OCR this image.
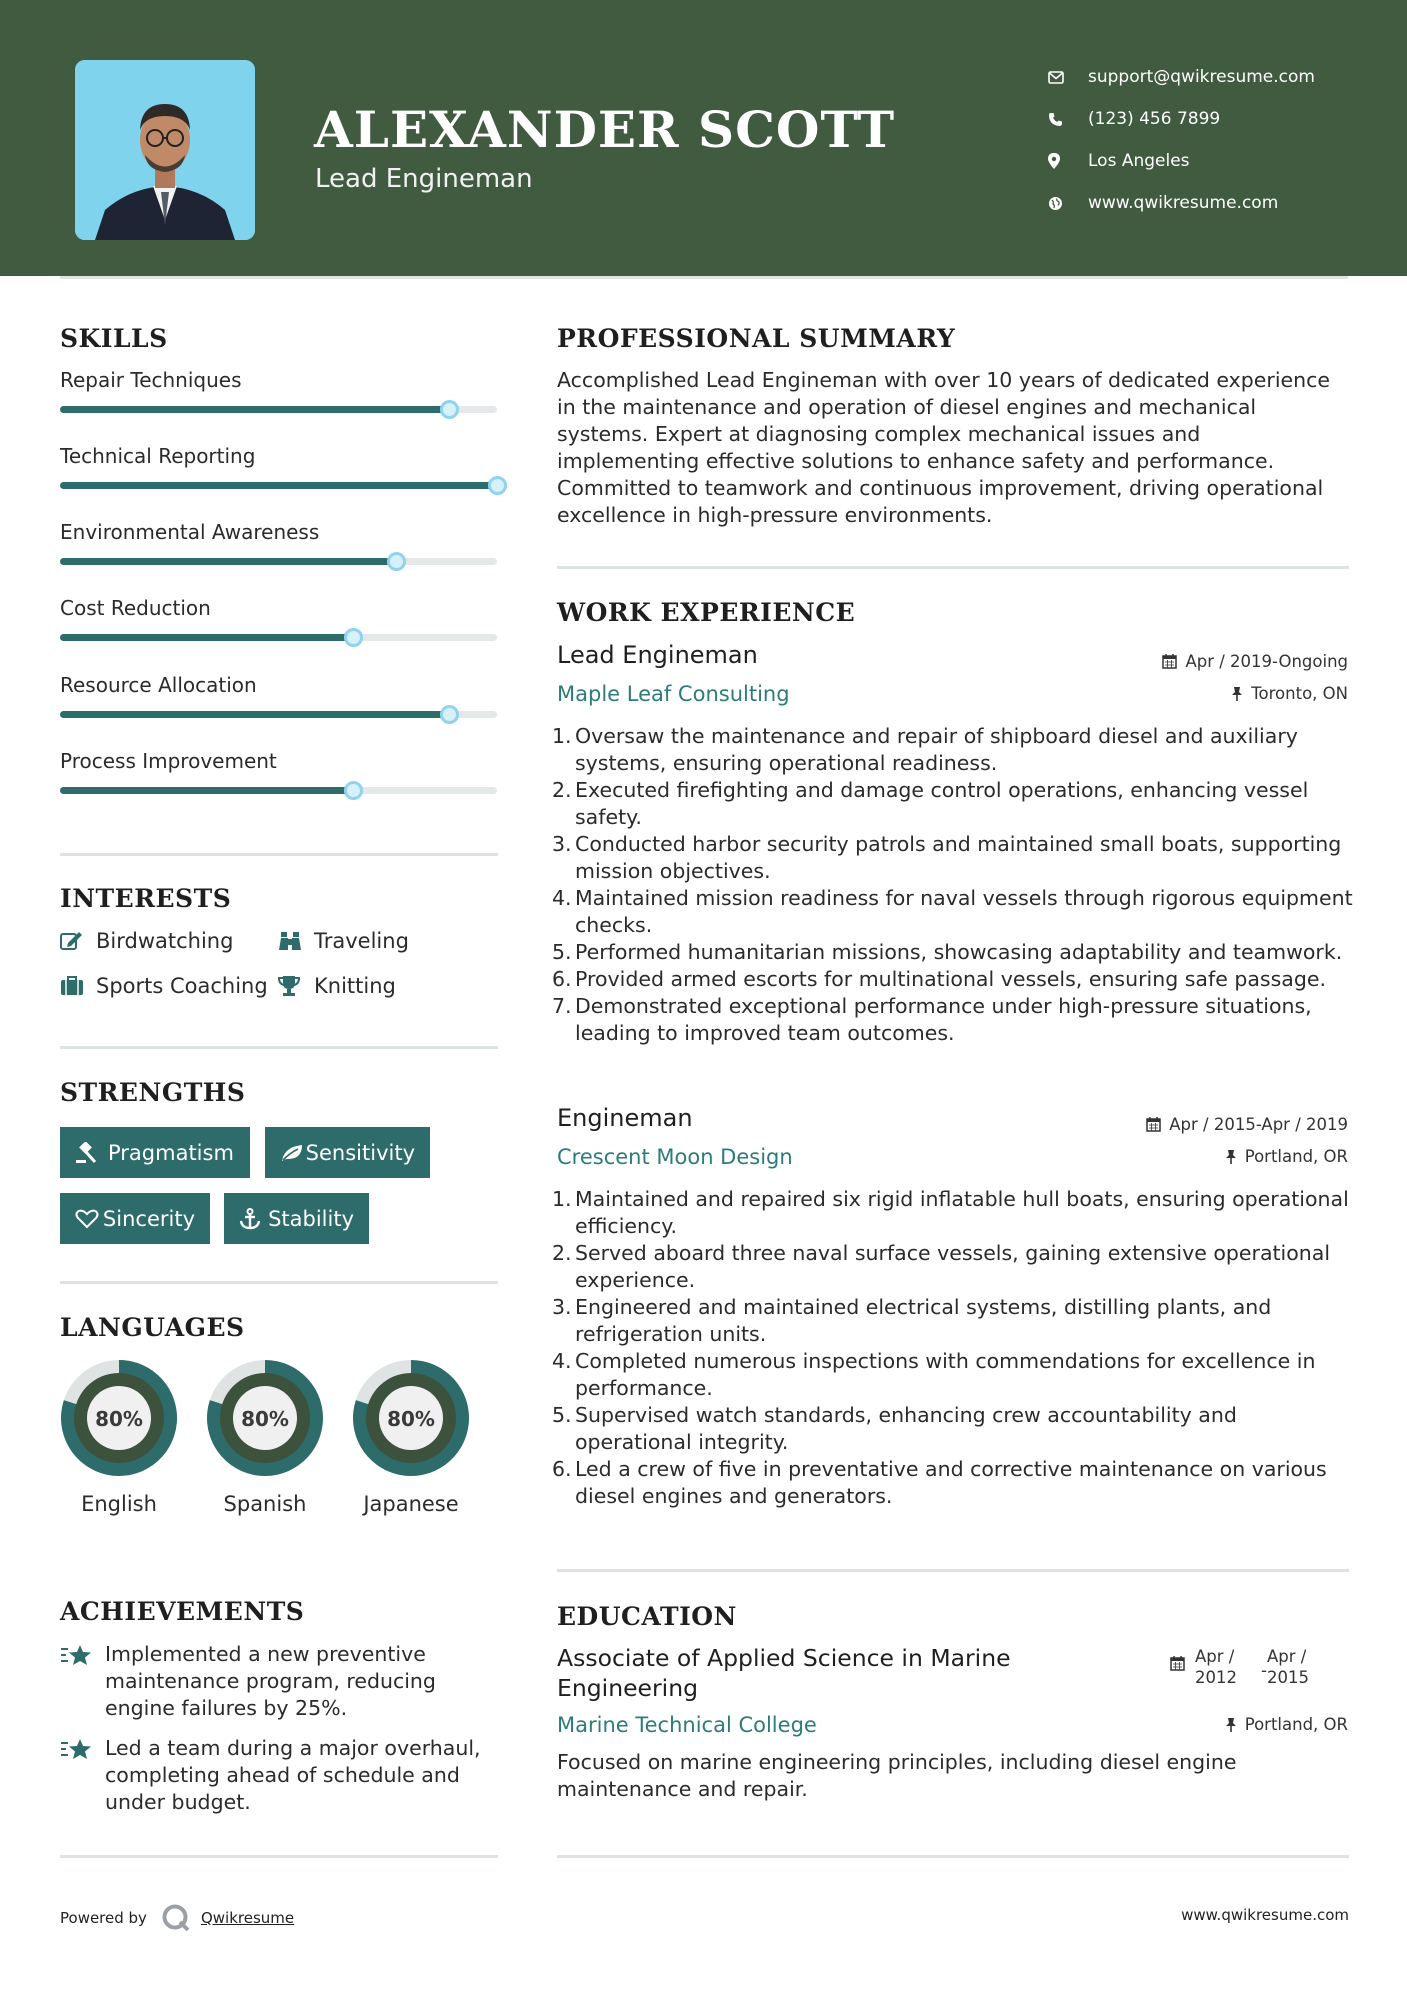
ALEXANDER SCOTT
Lead Engineman
support@qwikresume.com
(123) 456 7899
Los Angeles
www.qwikresume.com
SKILLS
Repair Techniques
Technical Reporting
Environmental Awareness
Cost Reduction
Resource Allocation
Process Improvement
INTERESTS
Birdwatching	Traveling
Sports Coaching Knitting
STRENGTHS
Pragmatism	Sensitivity
Sincerity	Stability
LANGUAGES
80%
English
80%
Spanish
80%
Japanese
ACHIEVEMENTS
Implemented a new preventive maintenance program, reducing engine failures by 25%.
Led a team during a major overhaul, completing ahead of schedule and under budget.
PROFESSIONAL SUMMARY
Accomplished Lead Engineman with over 10 years of dedicated experience in the maintenance and operation of diesel engines and mechanical systems. Expert at diagnosing complex mechanical issues and implementing effective solutions to enhance safety and performance. Committed to teamwork and continuous improvement, driving operational excellence in high-pressure environments.
WORK EXPERIENCE
Lead Engineman	Apr / 2019-Ongoing
Maple Leaf Consulting	Toronto, ON
1. Oversaw the maintenance and repair of shipboard diesel and auxiliary systems, ensuring operational readiness.
2. Executed firefighting and damage control operations, enhancing vessel safety.
3. Conducted harbor security patrols and maintained small boats, supporting mission objectives.
4. Maintained mission readiness for naval vessels through rigorous equipment checks.
5. Performed humanitarian missions, showcasing adaptability and teamwork.
6. Provided armed escorts for multinational vessels, ensuring safe passage.
7. Demonstrated exceptional performance under high-pressure situations, leading to improved team outcomes.
Engineman	Apr / 2015-Apr / 2019
Crescent Moon Design	Portland, OR
1. Maintained and repaired six rigid inflatable hull boats, ensuring operational efficiency.
2. Served aboard three naval surface vessels, gaining extensive operational experience.
3. Engineered and maintained electrical systems, distilling plants, and refrigeration units.
4. Completed numerous inspections with commendations for excellence in performance.
5. Supervised watch standards, enhancing crew accountability and operational integrity.
6. Led a crew of five in preventative and corrective maintenance on various diesel engines and generators.
EDUCATION
Associate of Applied Science in Marine Engineering
Apr /
2012	-
Apr /
2015
Marine Technical College	Portland, OR
Focused on marine engineering principles, including diesel engine maintenance and repair.
Powered by	Qwikresume	www.qwikresume.com
